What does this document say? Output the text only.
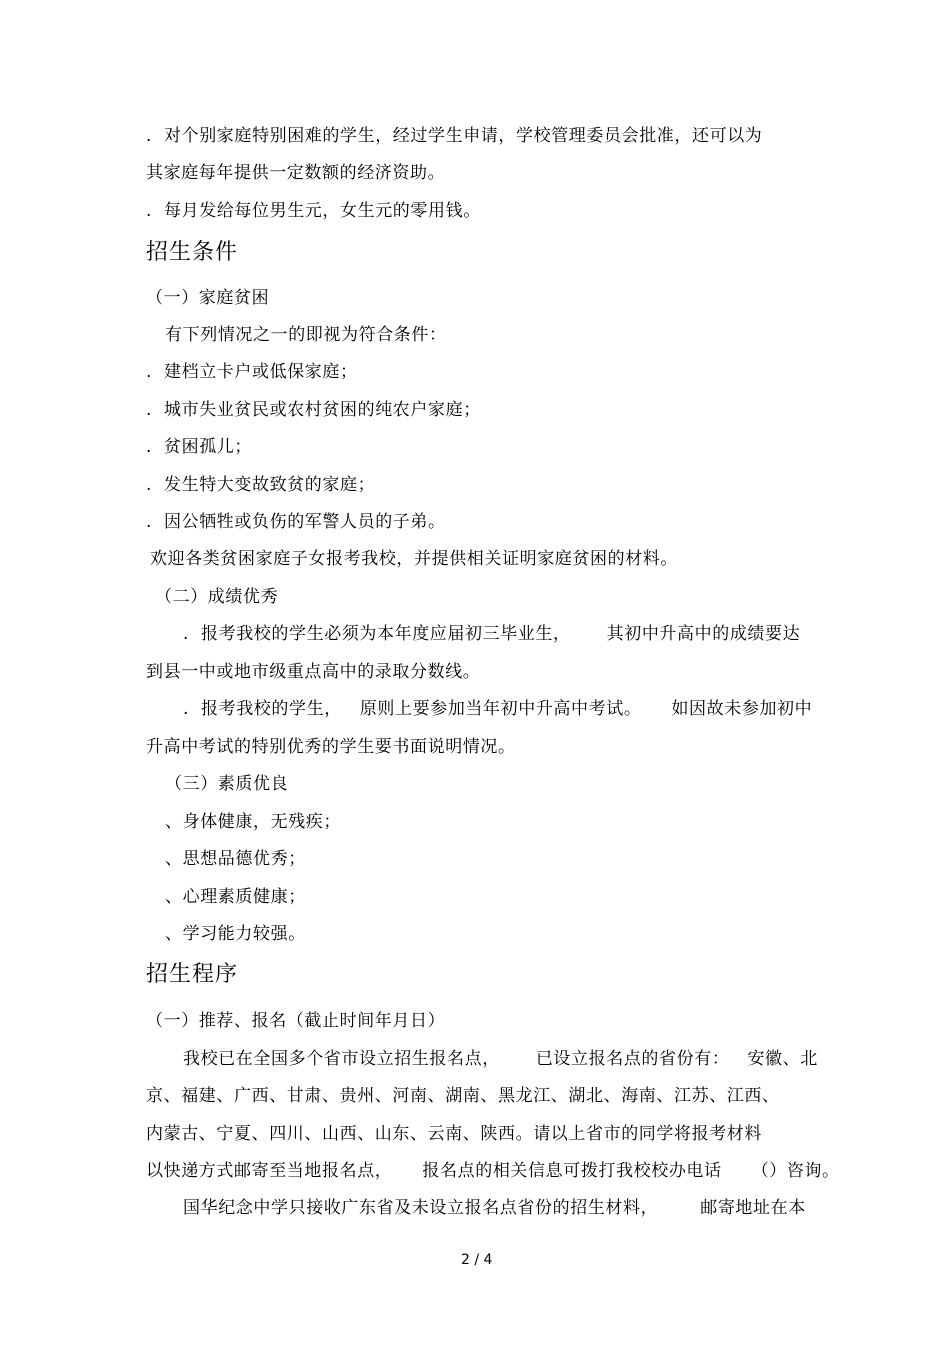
.  对个别家庭特别困难的学生，经过学生申请，学校管理委员会批准，还可以为
其家庭每年提供一定数额的经济资助。
.  每月发给每位男生元，女生元的零用钱。
招生条件
（一）家庭贫困
有下列情况之一的即视为符合条件：
.  建档立卡户或低保家庭；
.  城市失业贫民或农村贫困的纯农户家庭；
.  贫困孤儿；
.  发生特大变故致贫的家庭；
.  因公牺牲或负伤的军警人员的子弟。
欢迎各类贫困家庭子女报考我校，并提供相关证明家庭贫困的材料。
（二）成绩优秀
.  报考我校的学生必须为本年度应届初三毕业生，      其初中升高中的成绩要达
到县一中或地市级重点高中的录取分数线。
.  报考我校的学生，   原则上要参加当年初中升高中考试。     如因故未参加初中
升高中考试的特别优秀的学生要书面说明情况。
（三）素质优良
、身体健康，无残疾；
、思想品德优秀；
、心理素质健康；
、学习能力较强。
招生程序
（一）推荐、报名（截止时间年月日）
我校已在全国多个省市设立招生报名点，      已设立报名点的省份有：   安徽、北
京、福建、广西、甘肃、贵州、河南、湖南、黑龙江、湖北、海南、江苏、江西、
内蒙古、宁夏、四川、山西、山东、云南、陕西。请以上省市的同学将报考材料
以快递方式邮寄至当地报名点，     报名点的相关信息可拨打我校校办电话     （）咨询。
国华纪念中学只接收广东省及未设立报名点省份的招生材料，       邮寄地址在本
2 / 4
